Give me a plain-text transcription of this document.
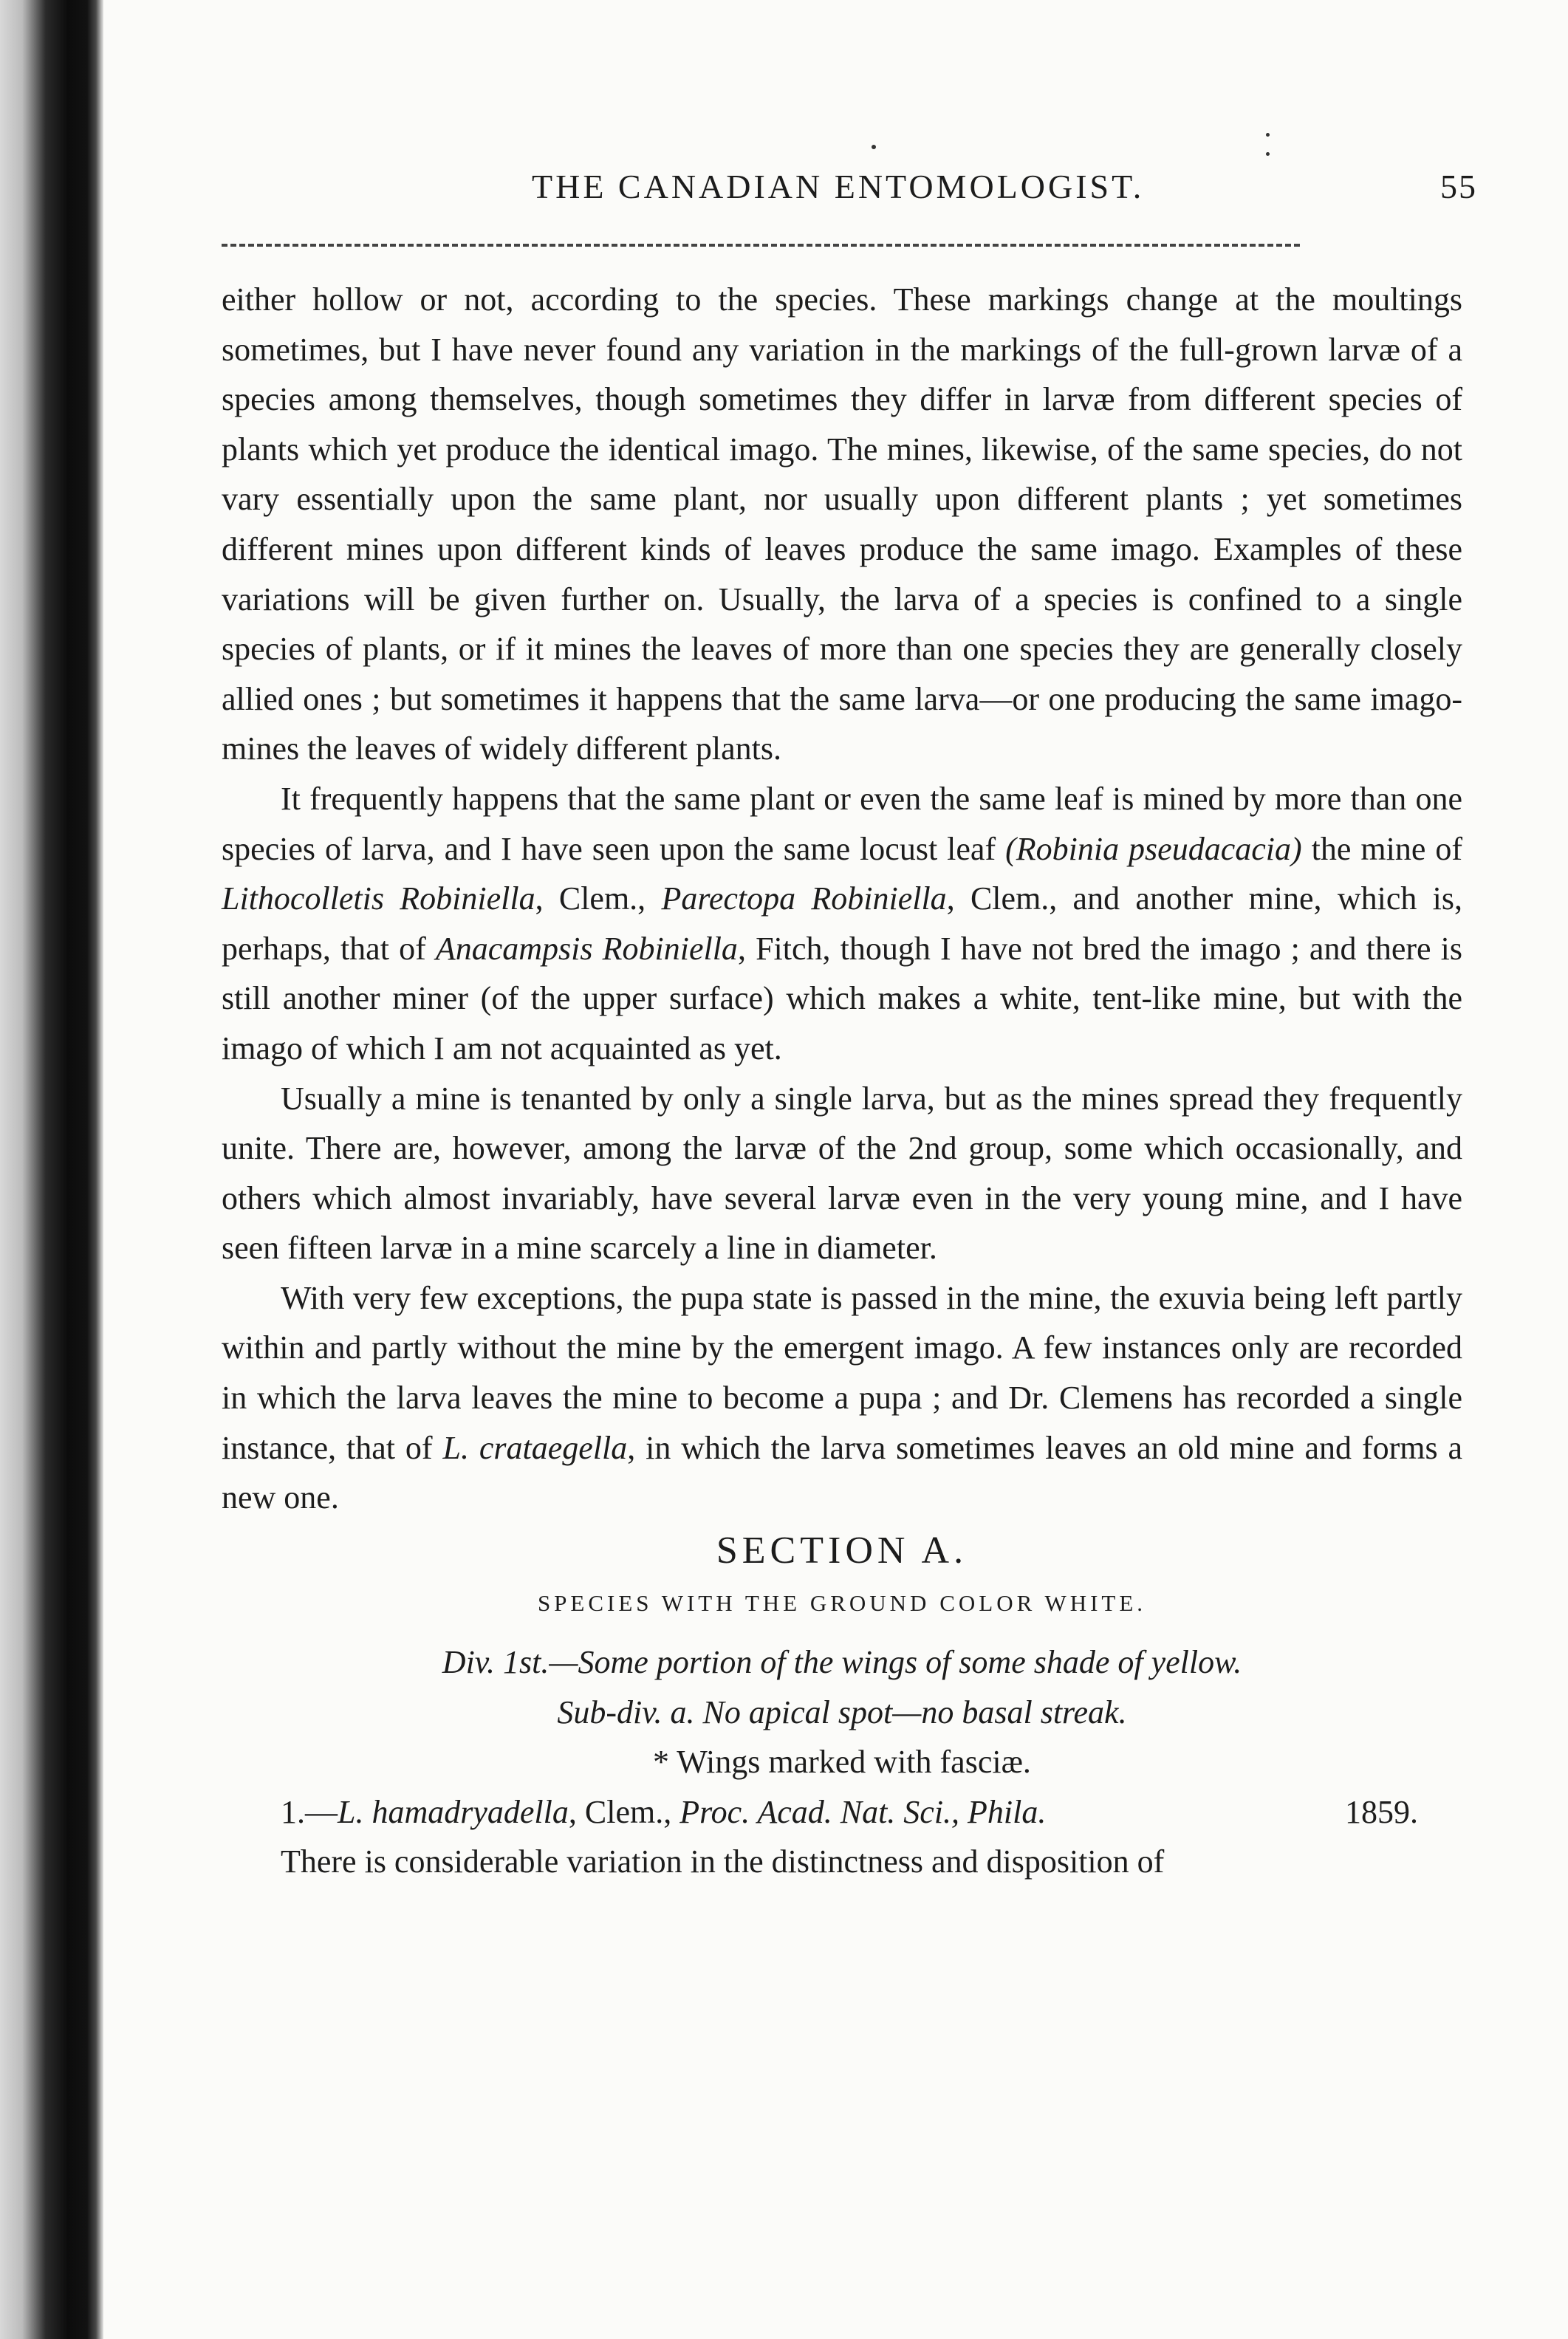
THE CANADIAN ENTOMOLOGIST.	55

either hollow or not, according to the species. These markings change at the moultings sometimes, but I have never found any variation in the markings of the full-grown larvæ of a species among themselves, though sometimes they differ in larvæ from different species of plants which yet produce the identical imago. The mines, likewise, of the same species, do not vary essentially upon the same plant, nor usually upon different plants ; yet sometimes different mines upon different kinds of leaves produce the same imago. Examples of these variations will be given further on. Usually, the larva of a species is confined to a single species of plants, or if it mines the leaves of more than one species they are generally closely allied ones ; but sometimes it happens that the same larva—or one producing the same imago- mines the leaves of widely different plants.

It frequently happens that the same plant or even the same leaf is mined by more than one species of larva, and I have seen upon the same locust leaf (Robinia pseudacacia) the mine of Lithocolletis Robiniella, Clem., Parectopa Robiniella, Clem., and another mine, which is, perhaps, that of Anacampsis Robiniella, Fitch, though I have not bred the imago ; and there is still another miner (of the upper surface) which makes a white, tent-like mine, but with the imago of which I am not acquainted as yet.

Usually a mine is tenanted by only a single larva, but as the mines spread they frequently unite. There are, however, among the larvæ of the 2nd group, some which occasionally, and others which almost invariably, have several larvæ even in the very young mine, and I have seen fifteen larvæ in a mine scarcely a line in diameter.

With very few exceptions, the pupa state is passed in the mine, the exuvia being left partly within and partly without the mine by the emergent imago. A few instances only are recorded in which the larva leaves the mine to become a pupa ; and Dr. Clemens has recorded a single instance, that of L. crataegella, in which the larva sometimes leaves an old mine and forms a new one.

SECTION A.
SPECIES WITH THE GROUND COLOR WHITE.
Div. 1st.—Some portion of the wings of some shade of yellow.
Sub-div. a. No apical spot—no basal streak.
* Wings marked with fasciæ.
1.—L. hamadryadella, Clem., Proc. Acad. Nat. Sci., Phila.	1859.

There is considerable variation in the distinctness and disposition of
